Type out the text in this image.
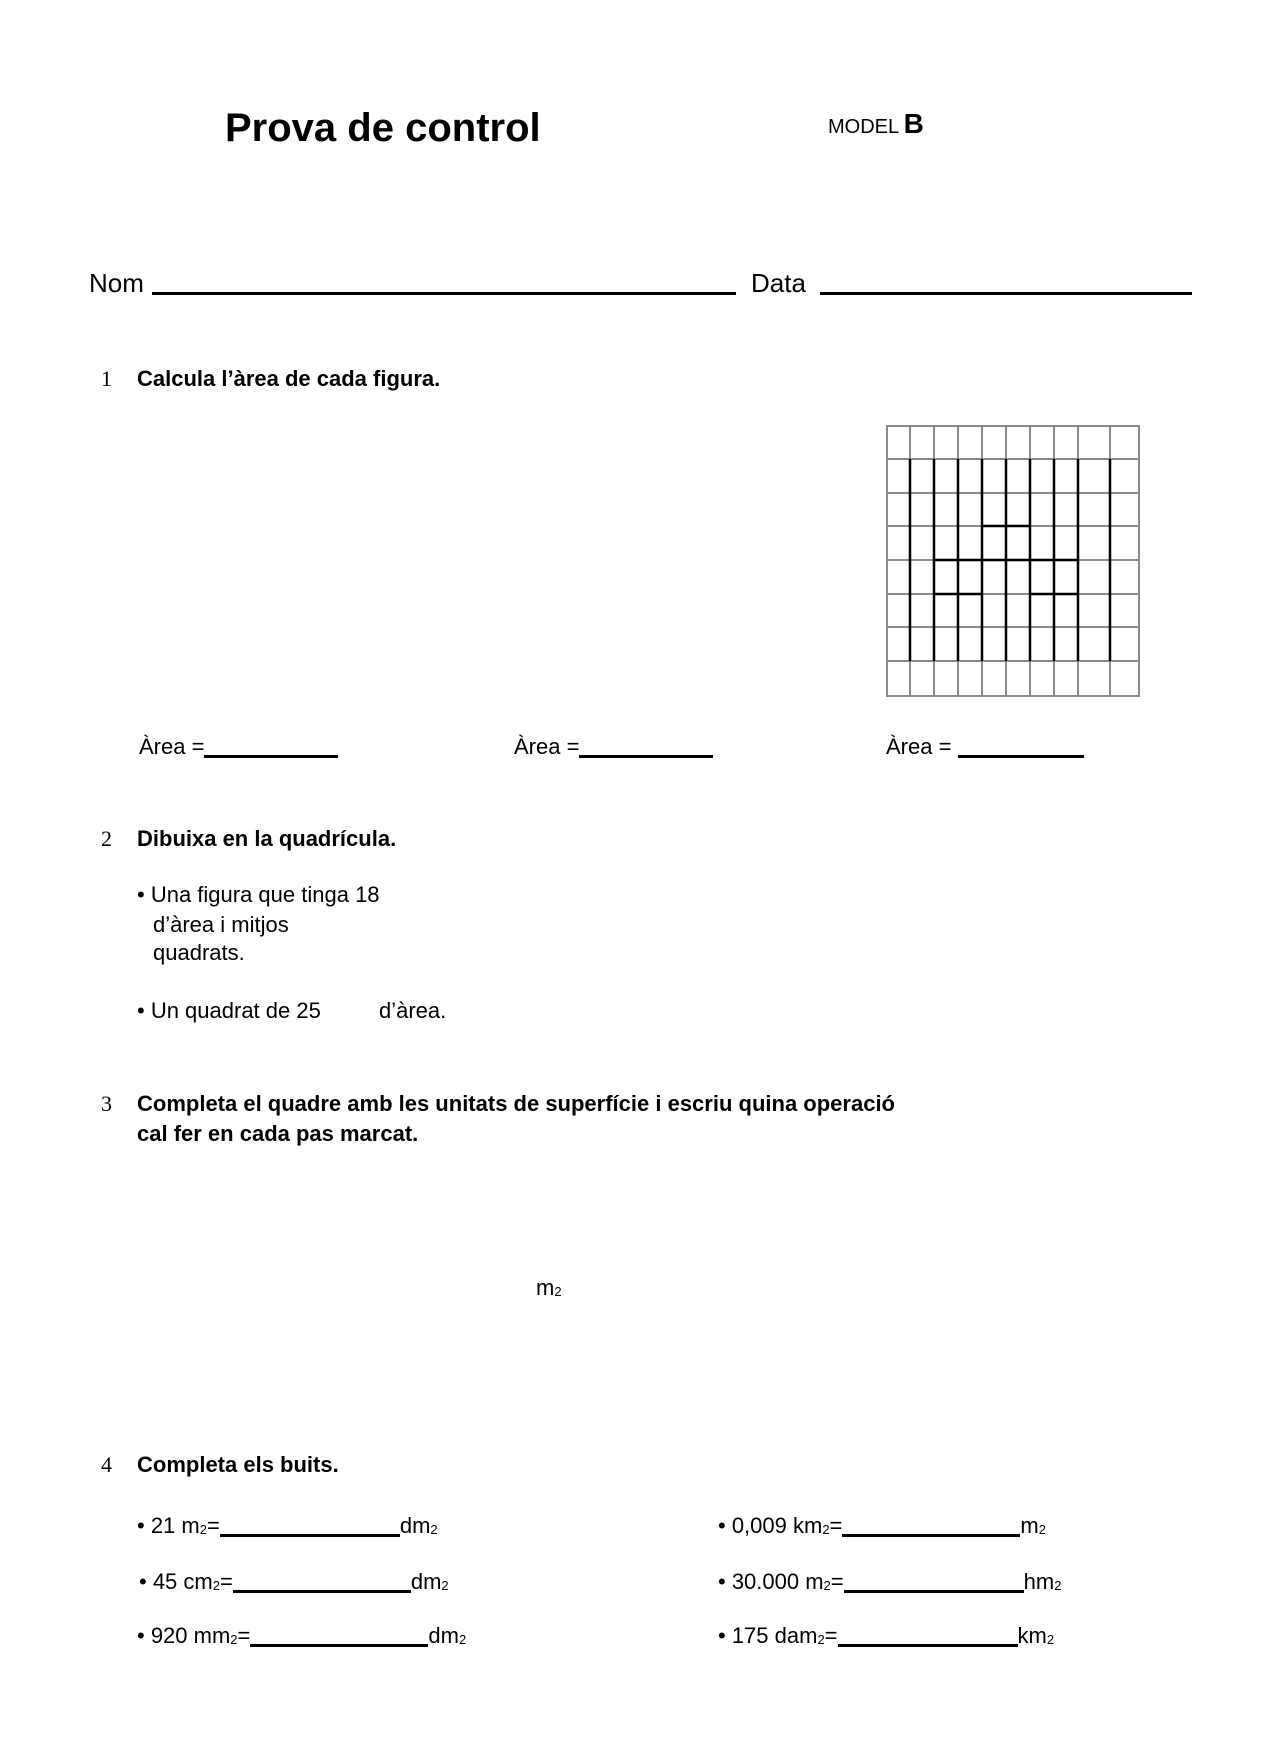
Prova de control	MODEL B
Nom	Data
1 Calcula l’àrea de cada figura.
Àrea =	Àrea =	Àrea =
2 Dibuixa en la quadrícula.
• Una figura que tinga 18
d’àrea i mitjos
quadrats.
• Un quadrat de 25	d’àrea.
3 Completa el quadre amb les unitats de superfície i escriu quina operació
cal fer en cada pas marcat.
m2
4 Completa els buits.
• 21 m2=	dm2
• 45 cm2=	dm2
• 920 mm2=	dm2
• 0,009 km2=	m2
• 30.000 m2=	hm2
• 175 dam2=	km2
